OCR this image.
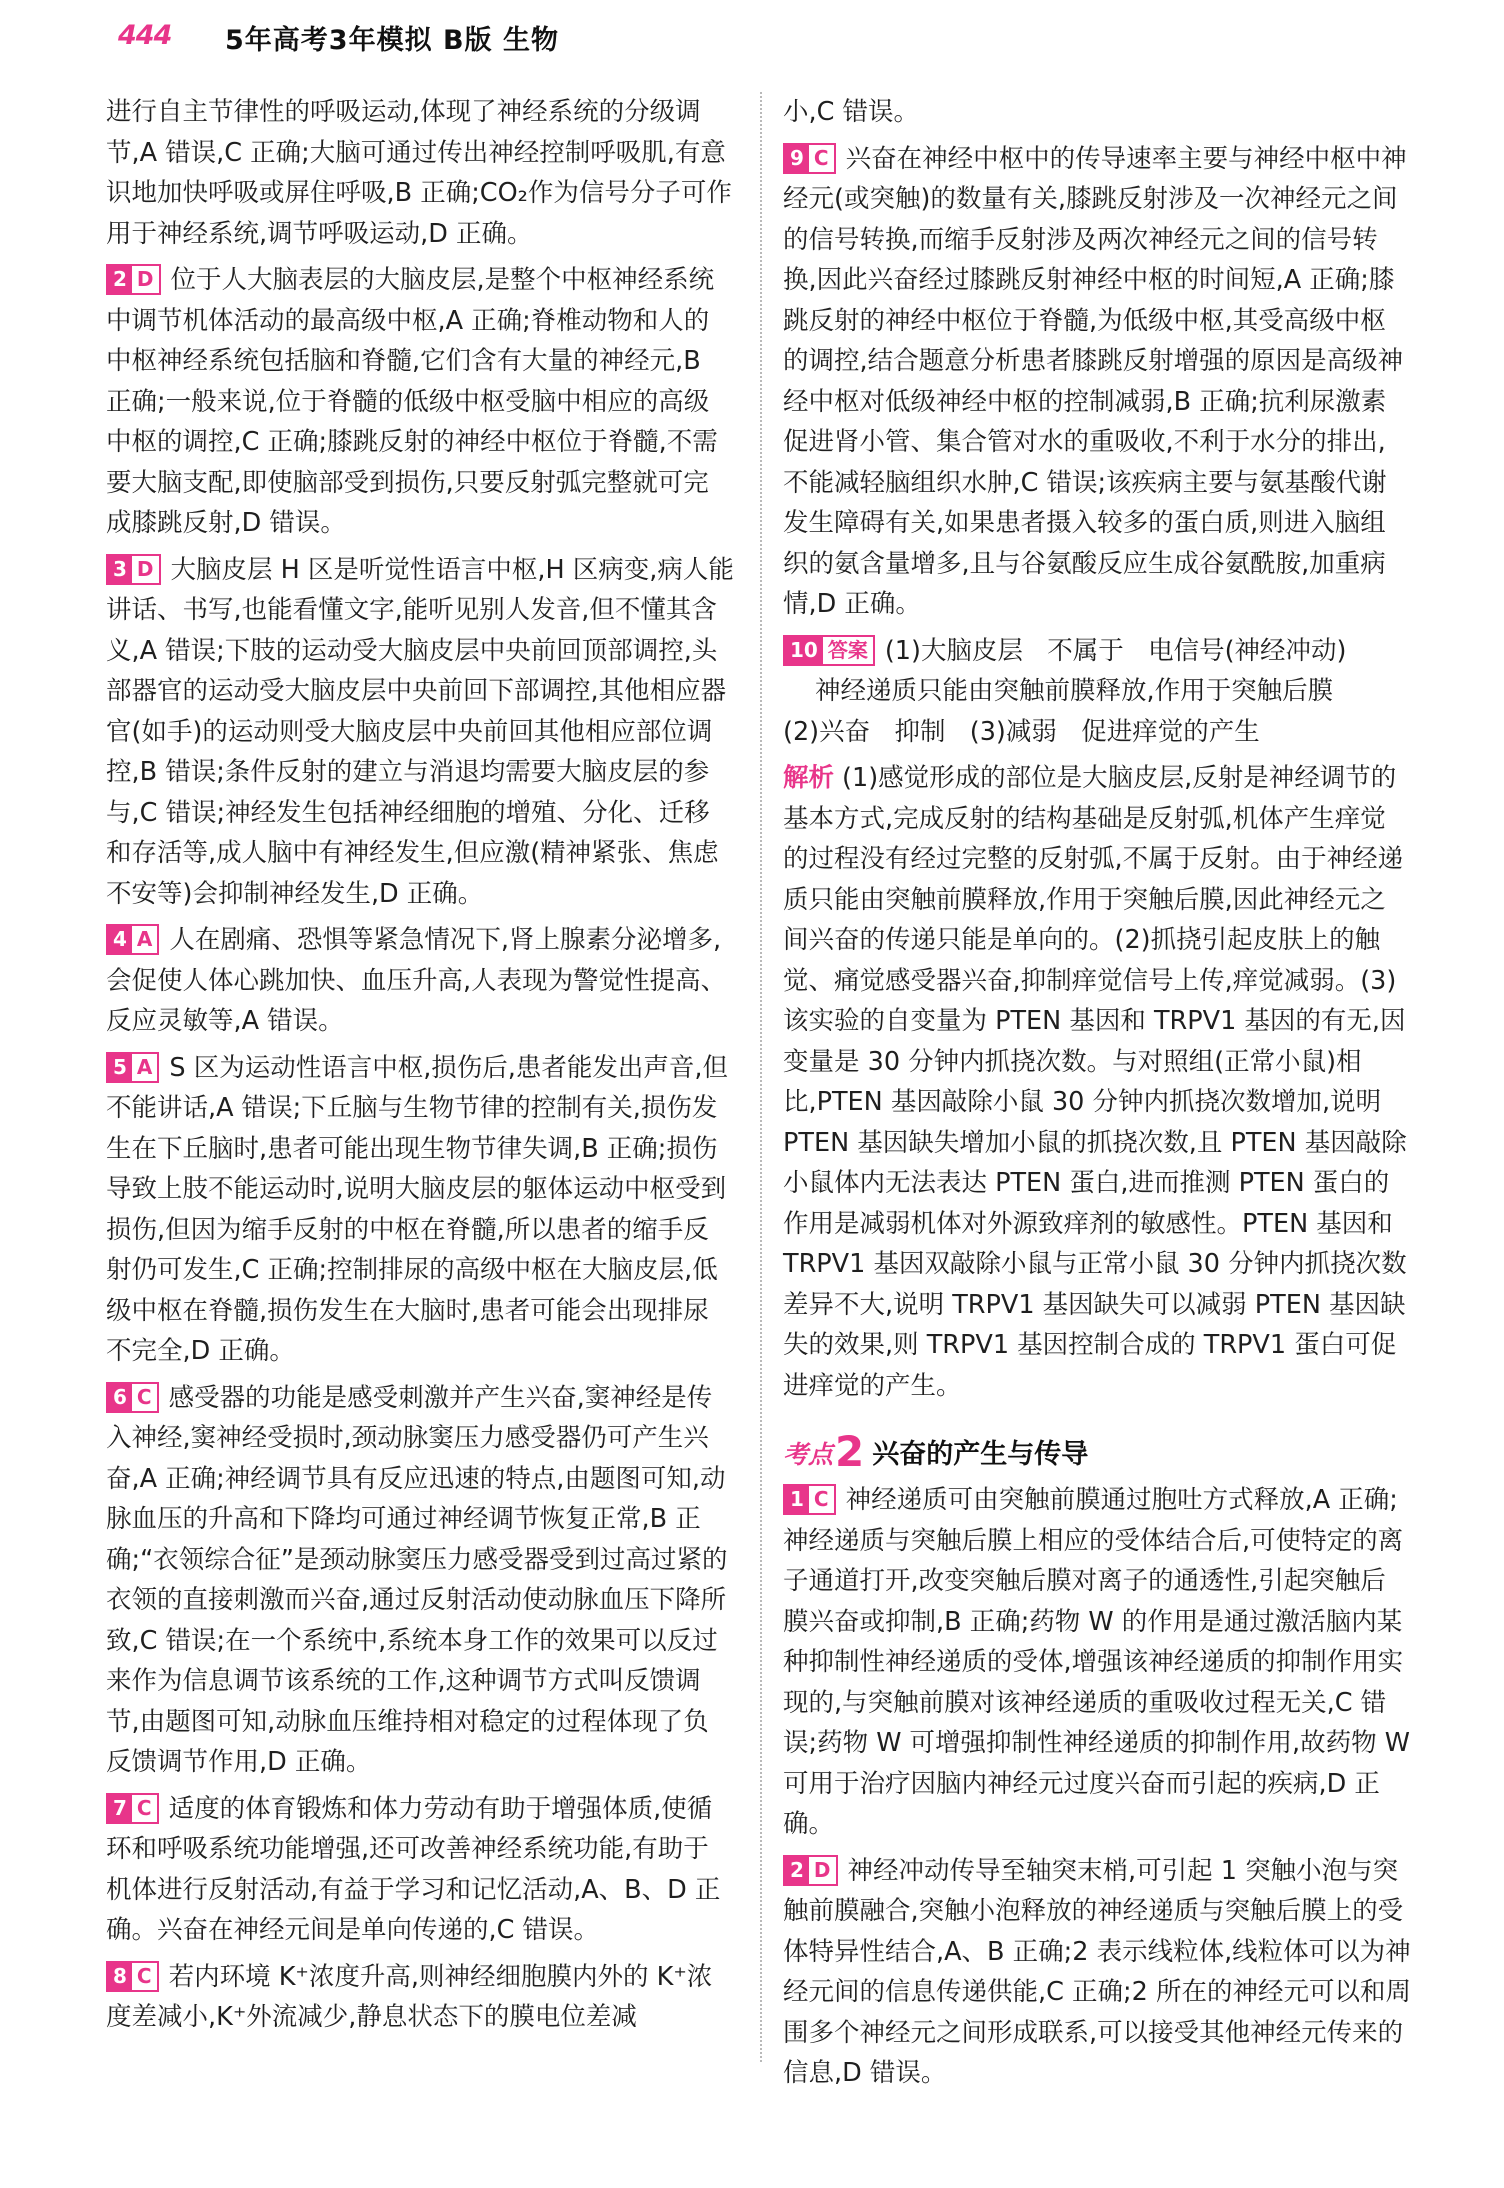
444 5年高考3年模拟 B版 生物

进行自主节律性的呼吸运动,体现了神经系统的分级调节,A 错误,C 正确;大脑可通过传出神经控制呼吸肌,有意识地加快呼吸或屏住呼吸,B 正确;CO₂作为信号分子可作用于神经系统,调节呼吸运动,D 正确。

2 D 位于人大脑表层的大脑皮层,是整个中枢神经系统中调节机体活动的最高级中枢,A 正确;脊椎动物和人的中枢神经系统包括脑和脊髓,它们含有大量的神经元,B 正确;一般来说,位于脊髓的低级中枢受脑中相应的高级中枢的调控,C 正确;膝跳反射的神经中枢位于脊髓,不需要大脑支配,即使脑部受到损伤,只要反射弧完整就可完成膝跳反射,D 错误。

3 D 大脑皮层 H 区是听觉性语言中枢,H 区病变,病人能讲话、书写,也能看懂文字,能听见别人发音,但不懂其含义,A 错误;下肢的运动受大脑皮层中央前回顶部调控,头部器官的运动受大脑皮层中央前回下部调控,其他相应器官(如手)的运动则受大脑皮层中央前回其他相应部位调控,B 错误;条件反射的建立与消退均需要大脑皮层的参与,C 错误;神经发生包括神经细胞的增殖、分化、迁移和存活等,成人脑中有神经发生,但应激(精神紧张、焦虑不安等)会抑制神经发生,D 正确。

4 A 人在剧痛、恐惧等紧急情况下,肾上腺素分泌增多,会促使人体心跳加快、血压升高,人表现为警觉性提高、反应灵敏等,A 错误。

5 A S 区为运动性语言中枢,损伤后,患者能发出声音,但不能讲话,A 错误;下丘脑与生物节律的控制有关,损伤发生在下丘脑时,患者可能出现生物节律失调,B 正确;损伤导致上肢不能运动时,说明大脑皮层的躯体运动中枢受到损伤,但因为缩手反射的中枢在脊髓,所以患者的缩手反射仍可发生,C 正确;控制排尿的高级中枢在大脑皮层,低级中枢在脊髓,损伤发生在大脑时,患者可能会出现排尿不完全,D 正确。

6 C 感受器的功能是感受刺激并产生兴奋,窦神经是传入神经,窦神经受损时,颈动脉窦压力感受器仍可产生兴奋,A 正确;神经调节具有反应迅速的特点,由题图可知,动脉血压的升高和下降均可通过神经调节恢复正常,B 正确;“衣领综合征”是颈动脉窦压力感受器受到过高过紧的衣领的直接刺激而兴奋,通过反射活动使动脉血压下降所致,C 错误;在一个系统中,系统本身工作的效果可以反过来作为信息调节该系统的工作,这种调节方式叫反馈调节,由题图可知,动脉血压维持相对稳定的过程体现了负反馈调节作用,D 正确。

7 C 适度的体育锻炼和体力劳动有助于增强体质,使循环和呼吸系统功能增强,还可改善神经系统功能,有助于机体进行反射活动,有益于学习和记忆活动,A、B、D 正确。兴奋在神经元间是单向传递的,C 错误。

8 C 若内环境 K⁺浓度升高,则神经细胞膜内外的 K⁺浓度差减小,K⁺外流减少,静息状态下的膜电位差减

小,C 错误。

9 C 兴奋在神经中枢中的传导速率主要与神经中枢中神经元(或突触)的数量有关,膝跳反射涉及一次神经元之间的信号转换,而缩手反射涉及两次神经元之间的信号转换,因此兴奋经过膝跳反射神经中枢的时间短,A 正确;膝跳反射的神经中枢位于脊髓,为低级中枢,其受高级中枢的调控,结合题意分析患者膝跳反射增强的原因是高级神经中枢对低级神经中枢的控制减弱,B 正确;抗利尿激素促进肾小管、集合管对水的重吸收,不利于水分的排出,不能减轻脑组织水肿,C 错误;该疾病主要与氨基酸代谢发生障碍有关,如果患者摄入较多的蛋白质,则进入脑组织的氨含量增多,且与谷氨酸反应生成谷氨酰胺,加重病情,D 正确。

10 答案 (1)大脑皮层   不属于   电信号(神经冲动)

神经递质只能由突触前膜释放,作用于突触后膜

(2)兴奋   抑制   (3)减弱   促进痒觉的产生

解析 (1)感觉形成的部位是大脑皮层,反射是神经调节的基本方式,完成反射的结构基础是反射弧,机体产生痒觉的过程没有经过完整的反射弧,不属于反射。由于神经递质只能由突触前膜释放,作用于突触后膜,因此神经元之间兴奋的传递只能是单向的。(2)抓挠引起皮肤上的触觉、痛觉感受器兴奋,抑制痒觉信号上传,痒觉减弱。(3)该实验的自变量为 PTEN 基因和 TRPV1 基因的有无,因变量是 30 分钟内抓挠次数。与对照组(正常小鼠)相比,PTEN 基因敲除小鼠 30 分钟内抓挠次数增加,说明 PTEN 基因缺失增加小鼠的抓挠次数,且 PTEN 基因敲除小鼠体内无法表达 PTEN 蛋白,进而推测 PTEN 蛋白的作用是减弱机体对外源致痒剂的敏感性。PTEN 基因和 TRPV1 基因双敲除小鼠与正常小鼠 30 分钟内抓挠次数差异不大,说明 TRPV1 基因缺失可以减弱 PTEN 基因缺失的效果,则 TRPV1 基因控制合成的 TRPV1 蛋白可促进痒觉的产生。

考点2 兴奋的产生与传导

1 C 神经递质可由突触前膜通过胞吐方式释放,A 正确;神经递质与突触后膜上相应的受体结合后,可使特定的离子通道打开,改变突触后膜对离子的通透性,引起突触后膜兴奋或抑制,B 正确;药物 W 的作用是通过激活脑内某种抑制性神经递质的受体,增强该神经递质的抑制作用实现的,与突触前膜对该神经递质的重吸收过程无关,C 错误;药物 W 可增强抑制性神经递质的抑制作用,故药物 W 可用于治疗因脑内神经元过度兴奋而引起的疾病,D 正确。

2 D 神经冲动传导至轴突末梢,可引起 1 突触小泡与突触前膜融合,突触小泡释放的神经递质与突触后膜上的受体特异性结合,A、B 正确;2 表示线粒体,线粒体可以为神经元间的信息传递供能,C 正确;2 所在的神经元可以和周围多个神经元之间形成联系,可以接受其他神经元传来的信息,D 错误。
